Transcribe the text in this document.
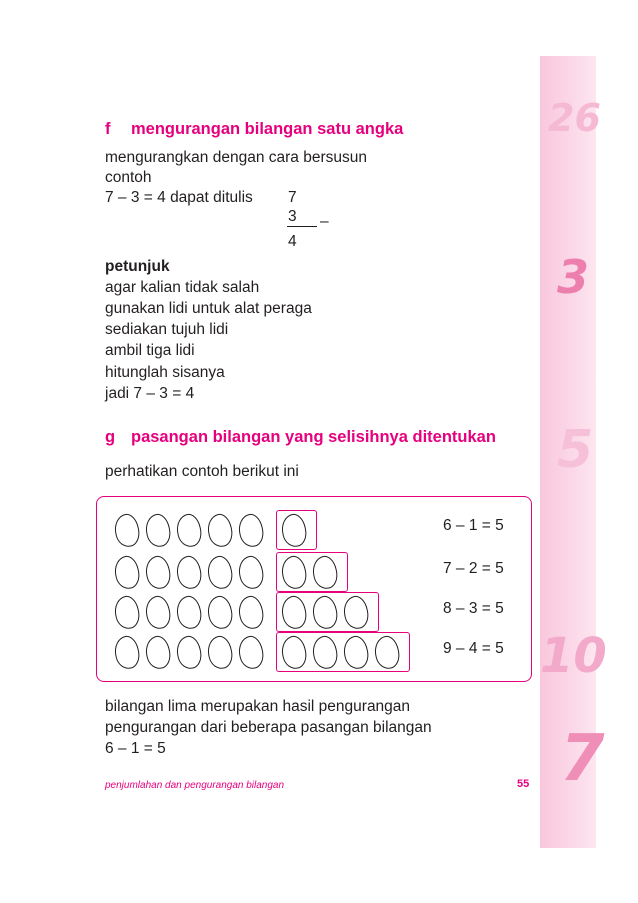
26
3
5
10
7
f mengurangan bilangan satu angka
mengurangkan dengan cara bersusun
contoh
7 – 3 = 4 dapat ditulis 7
3 –
4
petunjuk
agar kalian tidak salah
gunakan lidi untuk alat peraga
sediakan tujuh lidi
ambil tiga lidi
hitunglah sisanya
jadi 7 – 3 = 4
g pasangan bilangan yang selisihnya ditentukan
perhatikan contoh berikut ini
6 – 1 = 5
7 – 2 = 5
8 – 3 = 5
9 – 4 = 5
bilangan lima merupakan hasil pengurangan
pengurangan dari beberapa pasangan bilangan
6 – 1 = 5
penjumlahan dan pengurangan bilangan	55
